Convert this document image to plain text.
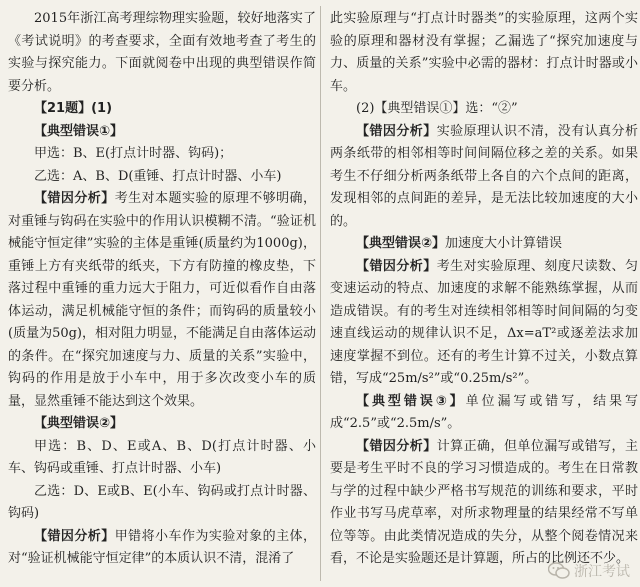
2015年浙江高考理综物理实验题，较好地落实了《考试说明》的考查要求，全面有效地考查了考生的实验与探究能力。下面就阅卷中出现的典型错误作简要分析。

【21题】(1)

【典型错误①】

甲选：B、E(打点计时器、钩码)；

乙选：A、B、D(重锤、打点计时器、小车)

【错因分析】考生对本题实验的原理不够明确，对重锤与钩码在实验中的作用认识模糊不清。“验证机械能守恒定律”实验的主体是重锤(质量约为1000g)，重锤上方有夹纸带的纸夹，下方有防撞的橡皮垫，下落过程中重锤的重力远大于阻力，可近似看作自由落体运动，满足机械能守恒的条件；而钩码的质量较小(质量为50g)，相对阻力明显，不能满足自由落体运动的条件。在“探究加速度与力、质量的关系”实验中，钩码的作用是放于小车中，用于多次改变小车的质量，显然重锤不能达到这个效果。

【典型错误②】

甲选：B、D、E或A、B、D(打点计时器、小车、钩码或重锤、打点计时器、小车)

乙选：D、E或B、E(小车、钩码或打点计时器、钩码)

【错因分析】甲错将小车作为实验对象的主体，对“验证机械能守恒定律”的本质认识不清，混淆了

此实验原理与“打点计时器类”的实验原理，这两个实验的原理和器材没有掌握；乙漏选了“探究加速度与力、质量的关系”实验中必需的器材：打点计时器或小车。

(2)【典型错误①】选：“②”

【错因分析】实验原理认识不清，没有认真分析两条纸带的相邻相等时间间隔位移之差的关系。如果考生不仔细分析两条纸带上各自的六个点间的距离，发现相邻的点间距的差异，是无法比较加速度的大小的。

【典型错误②】加速度大小计算错误

【错因分析】考生对实验原理、刻度尺读数、匀变速运动的特点、加速度的求解不能熟练掌握，从而造成错误。有的考生对连续相邻相等时间间隔的匀变速直线运动的规律认识不足，Δx=aT²或逐差法求加速度掌握不到位。还有的考生计算不过关，小数点算错，写成“25m/s²”或“0.25m/s²”。

【典型错误③】单位漏写或错写，结果写成“2.5”或“2.5m/s”。

【错因分析】计算正确，但单位漏写或错写，主要是考生平时不良的学习习惯造成的。考生在日常教与学的过程中缺少严格书写规范的训练和要求，平时作业书写马虎草率，对所求物理量的结果经常不写单位等等。由此类情况造成的失分，从整个阅卷情况来看，不论是实验题还是计算题，所占的比例还不少。

浙江考试
